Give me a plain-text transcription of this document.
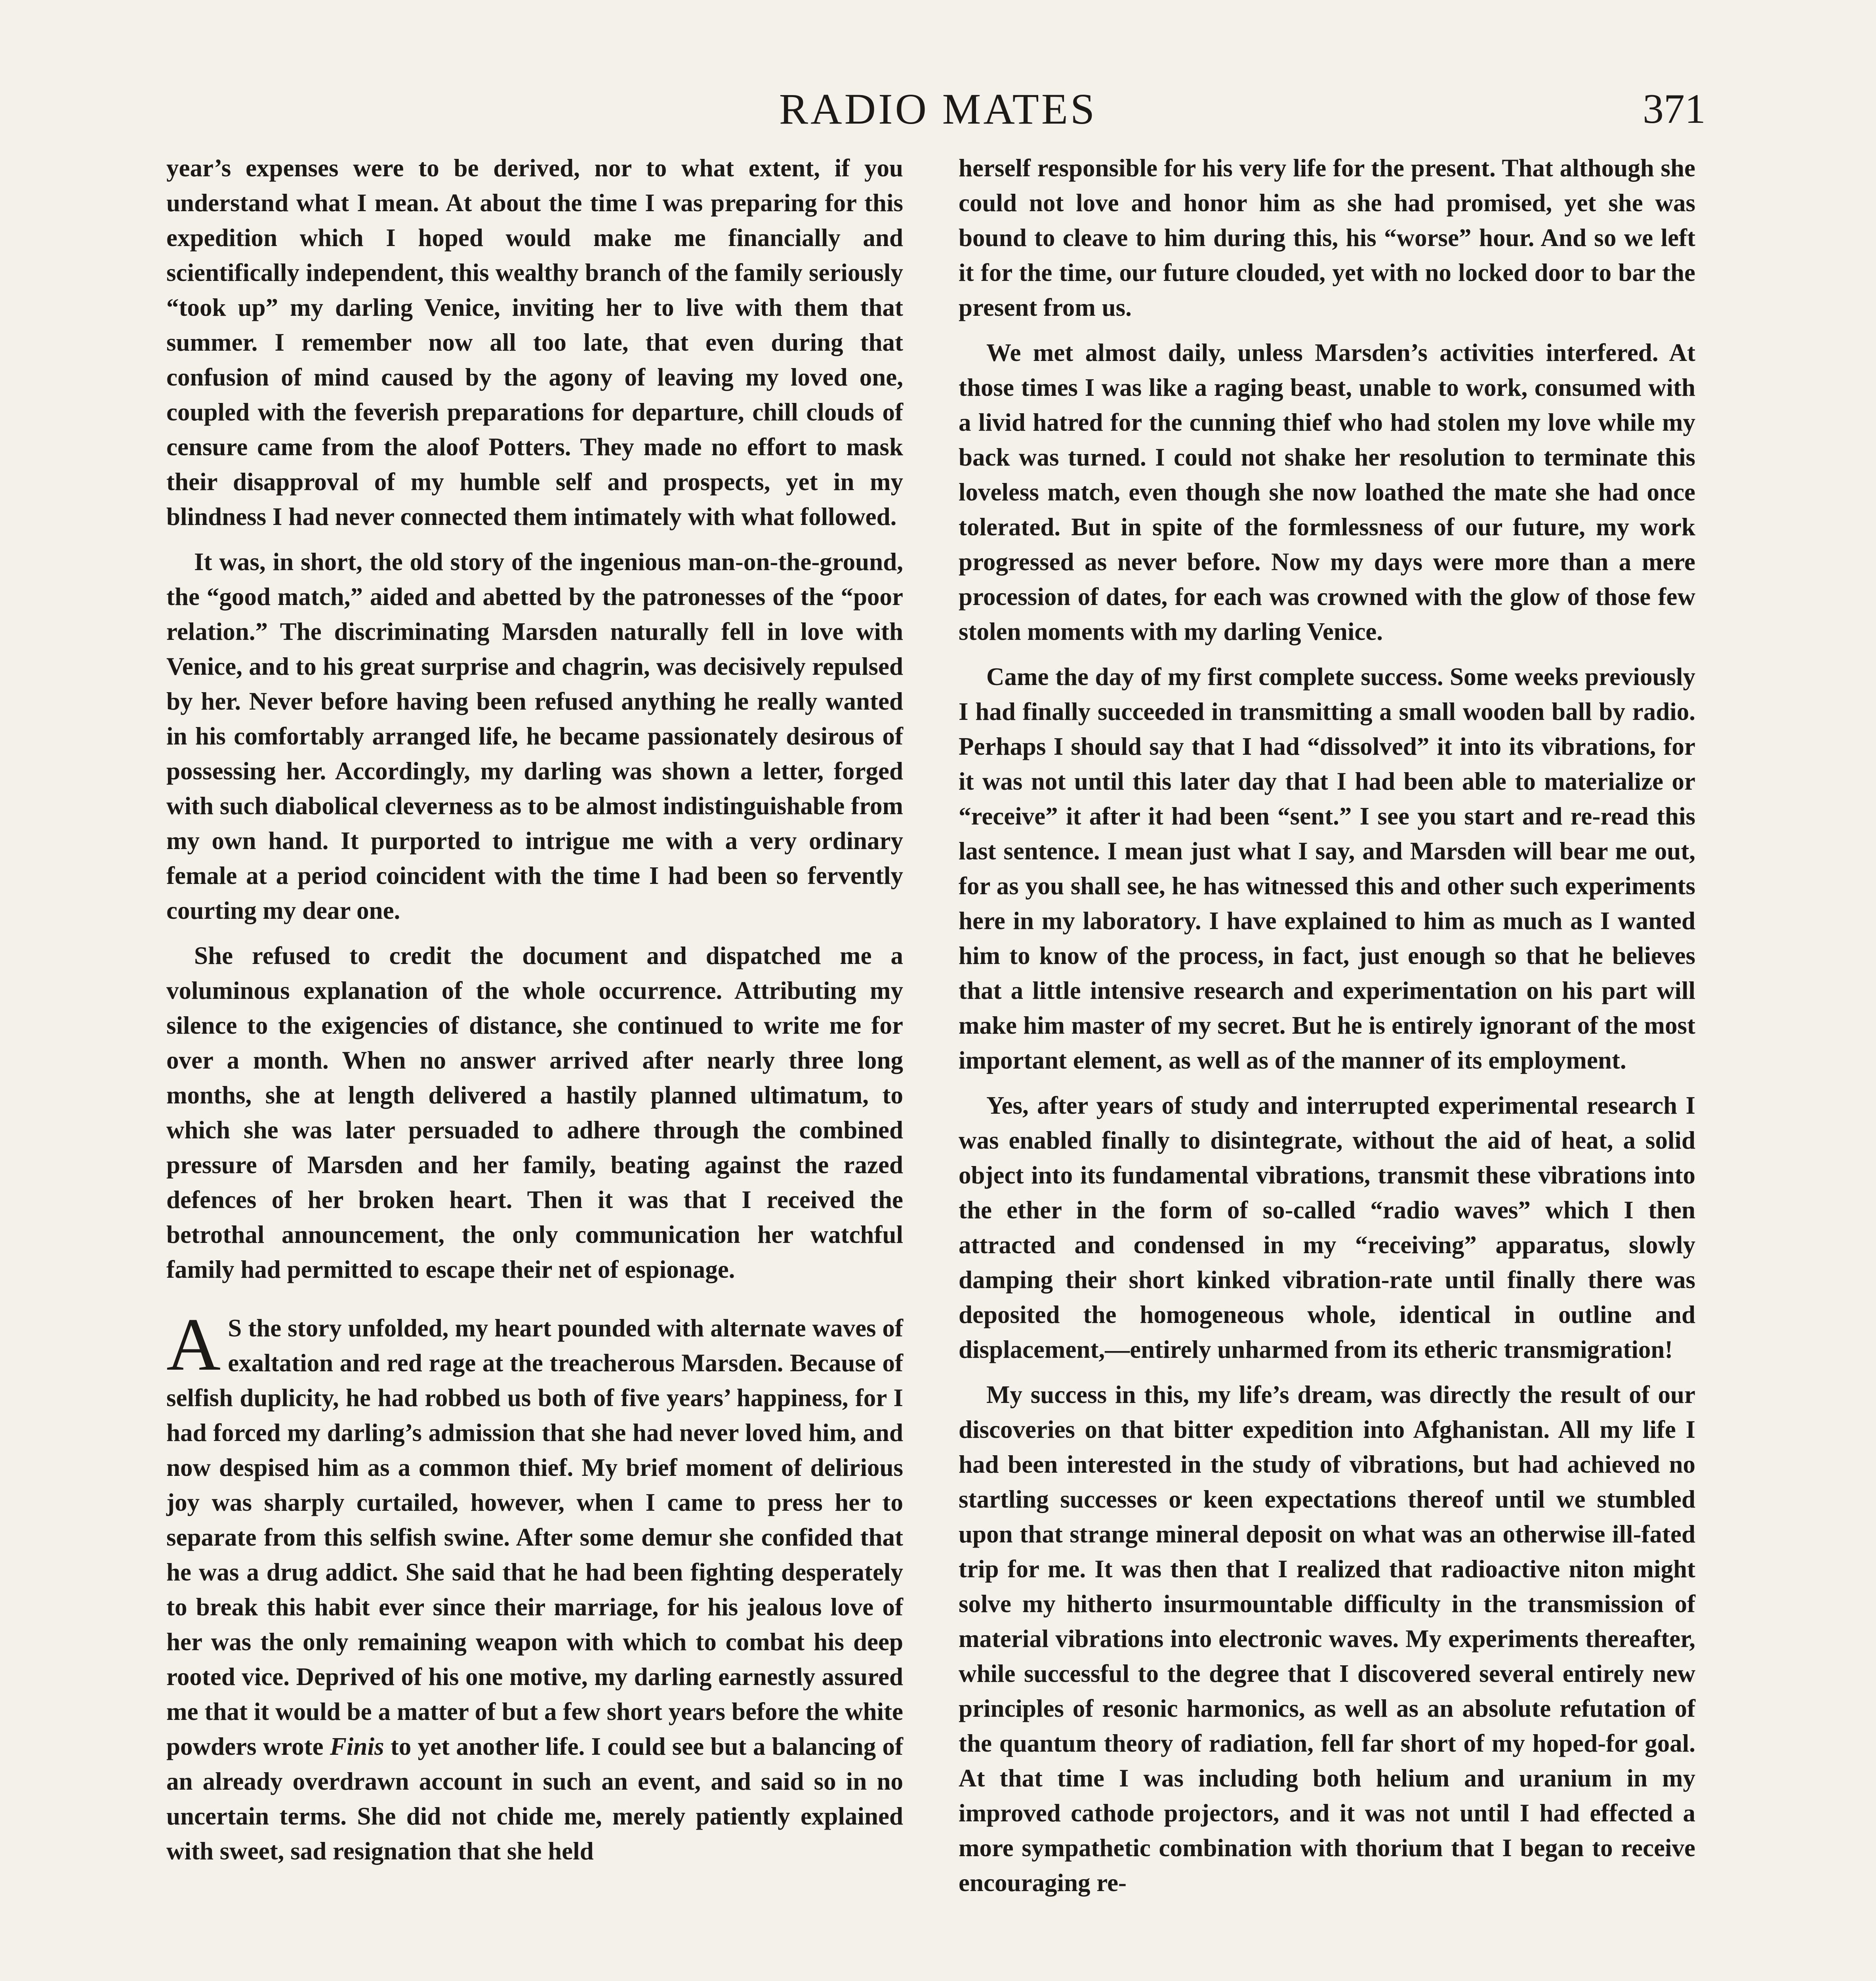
RADIO MATES	371

year’s expenses were to be derived, nor to what extent, if you understand what I mean. At about the time I was preparing for this expedition which I hoped would make me financially and scientifically independent, this wealthy branch of the family seriously “took up” my darling Venice, inviting her to live with them that summer. I remember now all too late, that even during that confusion of mind caused by the agony of leaving my loved one, coupled with the feverish preparations for departure, chill clouds of censure came from the aloof Potters. They made no effort to mask their disapproval of my humble self and prospects, yet in my blindness I had never connected them intimately with what followed.

It was, in short, the old story of the ingenious man-on-the-ground, the “good match,” aided and abetted by the patronesses of the “poor relation.” The discriminating Marsden naturally fell in love with Venice, and to his great surprise and chagrin, was decisively repulsed by her. Never before having been refused anything he really wanted in his comfortably arranged life, he became passionately desirous of possessing her. Accordingly, my darling was shown a letter, forged with such diabolical cleverness as to be almost indistinguishable from my own hand. It purported to intrigue me with a very ordinary female at a period coincident with the time I had been so fervently courting my dear one.

She refused to credit the document and dispatched me a voluminous explanation of the whole occurrence. Attributing my silence to the exigencies of distance, she continued to write me for over a month. When no answer arrived after nearly three long months, she at length delivered a hastily planned ultimatum, to which she was later persuaded to adhere through the combined pressure of Marsden and her family, beating against the razed defences of her broken heart. Then it was that I received the betrothal announcement, the only communication her watchful family had permitted to escape their net of espionage.

A S the story unfolded, my heart pounded with alternate waves of exaltation and red rage at the treacherous Marsden. Because of selfish duplicity, he had robbed us both of five years’ happiness, for I had forced my darling’s admission that she had never loved him, and now despised him as a common thief. My brief moment of delirious joy was sharply curtailed, however, when I came to press her to separate from this selfish swine. After some demur she confided that he was a drug addict. She said that he had been fighting desperately to break this habit ever since their marriage, for his jealous love of her was the only remaining weapon with which to combat his deep rooted vice. Deprived of his one motive, my darling earnestly assured me that it would be a matter of but a few short years before the white powders wrote Finis to yet another life. I could see but a balancing of an already overdrawn account in such an event, and said so in no uncertain terms. She did not chide me, merely patiently explained with sweet, sad resignation that she held

herself responsible for his very life for the present. That although she could not love and honor him as she had promised, yet she was bound to cleave to him during this, his “worse” hour. And so we left it for the time, our future clouded, yet with no locked door to bar the present from us.

We met almost daily, unless Marsden’s activities interfered. At those times I was like a raging beast, unable to work, consumed with a livid hatred for the cunning thief who had stolen my love while my back was turned. I could not shake her resolution to terminate this loveless match, even though she now loathed the mate she had once tolerated. But in spite of the formlessness of our future, my work progressed as never before. Now my days were more than a mere procession of dates, for each was crowned with the glow of those few stolen moments with my darling Venice.

Came the day of my first complete success. Some weeks previously I had finally succeeded in transmitting a small wooden ball by radio. Perhaps I should say that I had “dissolved” it into its vibrations, for it was not until this later day that I had been able to materialize or “receive” it after it had been “sent.” I see you start and re-read this last sentence. I mean just what I say, and Marsden will bear me out, for as you shall see, he has witnessed this and other such experiments here in my laboratory. I have explained to him as much as I wanted him to know of the process, in fact, just enough so that he believes that a little intensive research and experimentation on his part will make him master of my secret. But he is entirely ignorant of the most important element, as well as of the manner of its employment.

Yes, after years of study and interrupted experimental research I was enabled finally to disintegrate, without the aid of heat, a solid object into its fundamental vibrations, transmit these vibrations into the ether in the form of so-called “radio waves” which I then attracted and condensed in my “receiving” apparatus, slowly damping their short kinked vibration-rate until finally there was deposited the homogeneous whole, identical in outline and displacement,—entirely unharmed from its etheric transmigration!

My success in this, my life’s dream, was directly the result of our discoveries on that bitter expedition into Afghanistan. All my life I had been interested in the study of vibrations, but had achieved no startling successes or keen expectations thereof until we stumbled upon that strange mineral deposit on what was an otherwise ill-fated trip for me. It was then that I realized that radioactive niton might solve my hitherto insurmountable difficulty in the transmission of material vibrations into electronic waves. My experiments thereafter, while successful to the degree that I discovered several entirely new principles of resonic harmonics, as well as an absolute refutation of the quantum theory of radiation, fell far short of my hoped-for goal. At that time I was including both helium and uranium in my improved cathode projectors, and it was not until I had effected a more sympathetic combination with thorium that I began to receive encouraging re-
